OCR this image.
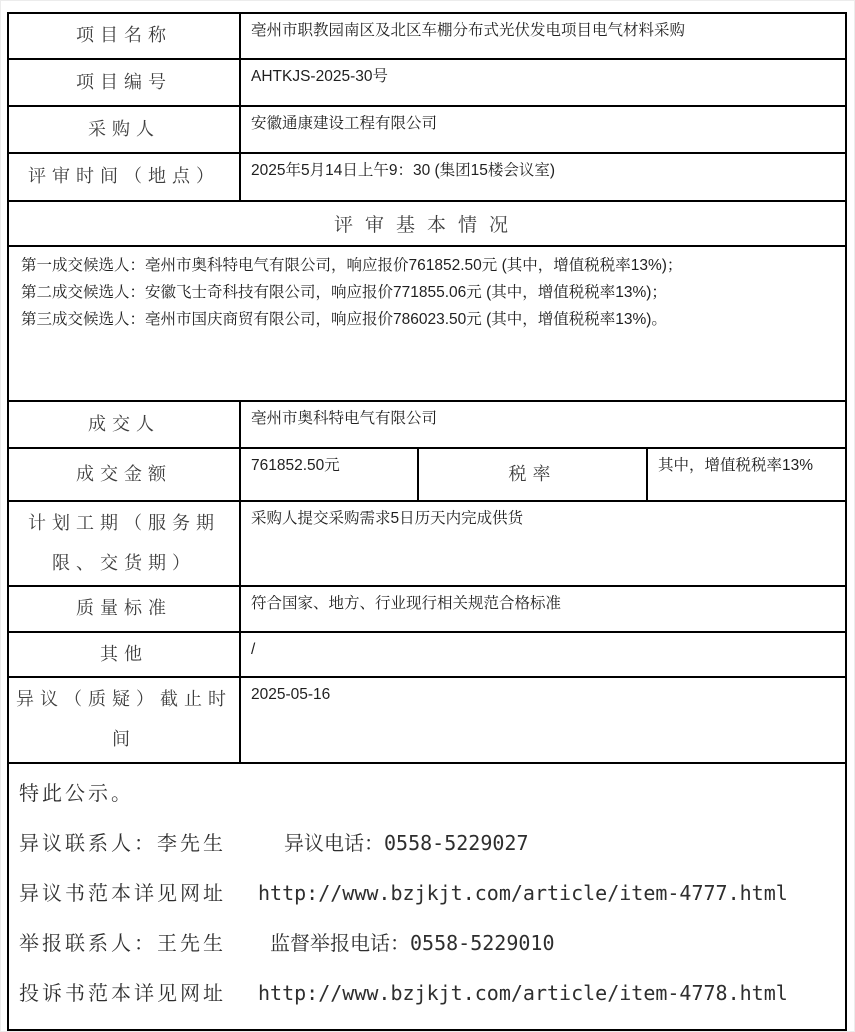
项目名称	亳州市职教园南区及北区车棚分布式光伏发电项目电气材料采购		
项目编号	AHTKJS-2025-30号		
采购人	安徽通康建设工程有限公司		
评审时间（地点）	2025年5月14日上午9：30 (集团15楼会议室)		
评审基本情况			

第一成交候选人：亳州市奥科特电气有限公司，响应报价761852.50元 (其中，增值税税率13%)；
第二成交候选人：安徽飞士奇科技有限公司，响应报价771855.06元 (其中，增值税税率13%)；
第三成交候选人：亳州市国庆商贸有限公司，响应报价786023.50元 (其中，增值税税率13%)。			

成交人	亳州市奥科特电气有限公司		
成交金额	761852.50元	税率	其中，增值税税率13%
计划工期（服务期限、交货期）	采购人提交采购需求5日历天内完成供货		
质量标准	符合国家、地方、行业现行相关规范合格标准		
其他	/		
异议（质疑）截止时间	2025-05-16		

特此公示。
异议联系人：李先生 异议电话：0558-5229027
异议书范本详见网址 http://www.bzjkjt.com/article/item-4777.html
举报联系人：王先生 监督举报电话：0558-5229010
投诉书范本详见网址 http://www.bzjkjt.com/article/item-4778.html			
